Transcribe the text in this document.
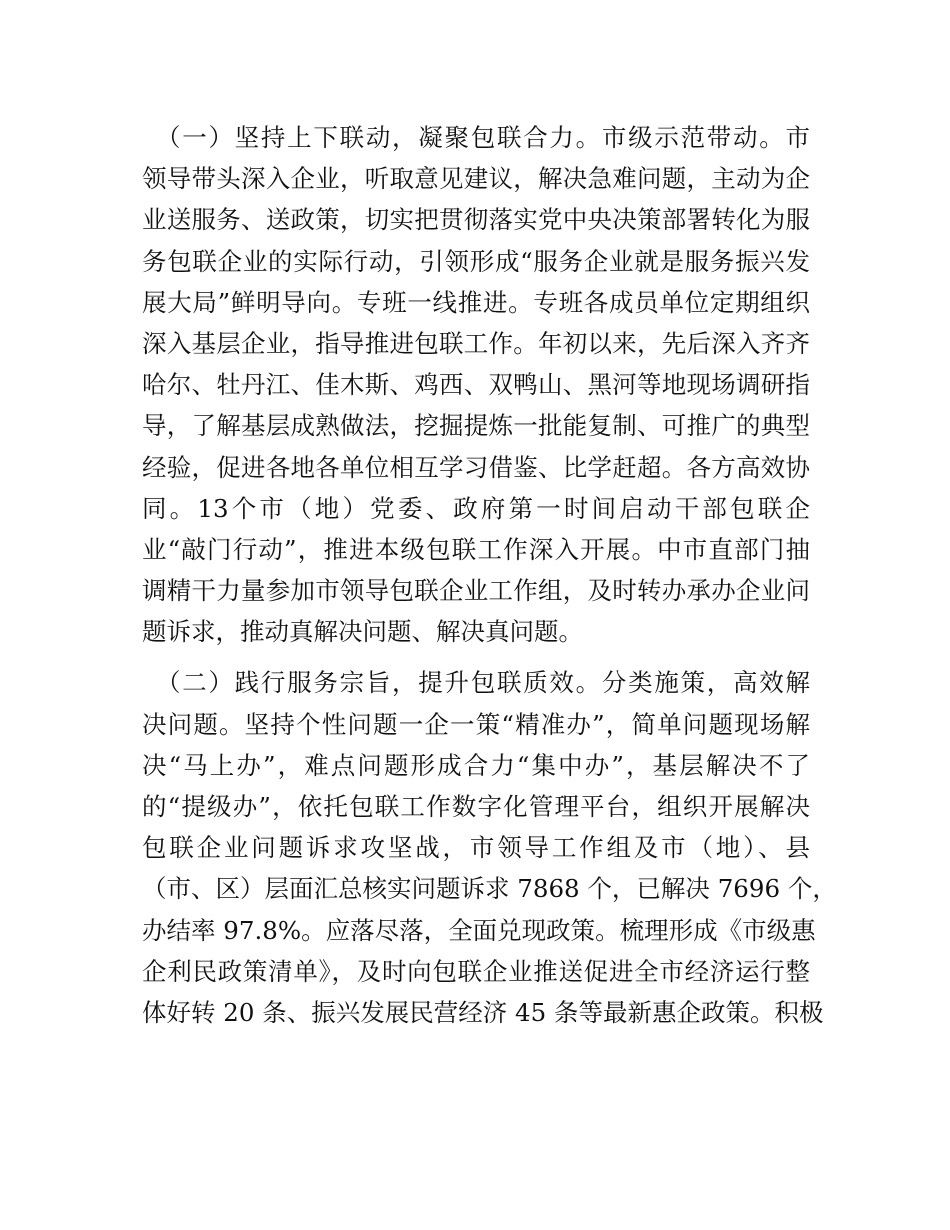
　（一）坚持上下联动，凝聚包联合力。市级示范带动。市
领导带头深入企业，听取意见建议，解决急难问题，主动为企
业送服务、送政策，切实把贯彻落实党中央决策部署转化为服
务包联企业的实际行动，引领形成“服务企业就是服务振兴发
展大局”鲜明导向。专班一线推进。专班各成员单位定期组织
深入基层企业，指导推进包联工作。年初以来，先后深入齐齐
哈尔、牡丹江、佳木斯、鸡西、双鸭山、黑河等地现场调研指
导，了解基层成熟做法，挖掘提炼一批能复制、可推广的典型
经验，促进各地各单位相互学习借鉴、比学赶超。各方高效协
同。13个市（地）党委、政府第一时间启动干部包联企
业“敲门行动”，推进本级包联工作深入开展。中市直部门抽
调精干力量参加市领导包联企业工作组，及时转办承办企业问
题诉求，推动真解决问题、解决真问题。
　（二）践行服务宗旨，提升包联质效。分类施策，高效解
决问题。坚持个性问题一企一策“精准办”，简单问题现场解
决“马上办”，难点问题形成合力“集中办”，基层解决不了
的“提级办”，依托包联工作数字化管理平台，组织开展解决
包联企业问题诉求攻坚战，市领导工作组及市（地）、县
（市、区）层面汇总核实问题诉求 7868 个，已解决 7696 个，
办结率 97.8%。应落尽落，全面兑现政策。梳理形成《市级惠
企利民政策清单》，及时向包联企业推送促进全市经济运行整
体好转 20 条、振兴发展民营经济 45 条等最新惠企政策。积极
